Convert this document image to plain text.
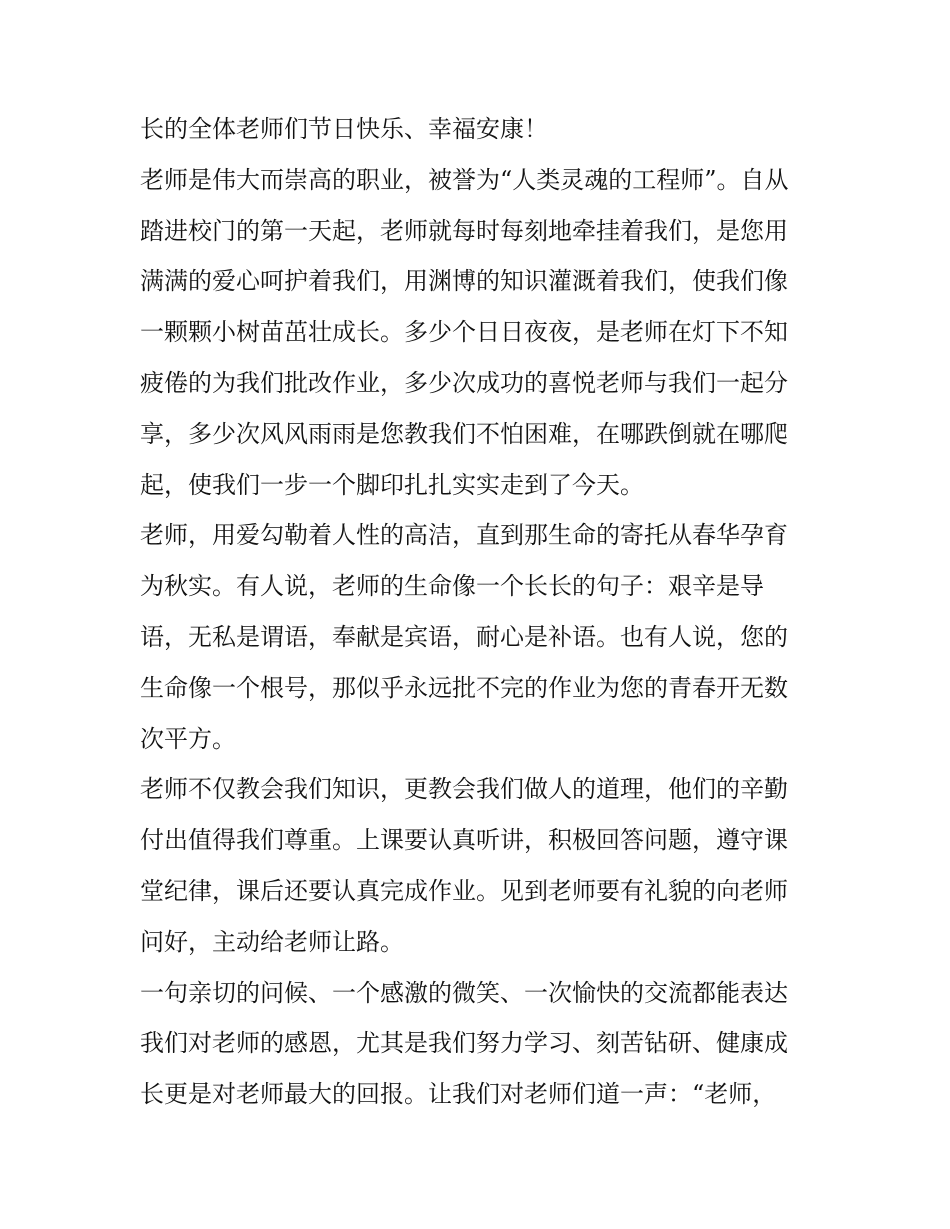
长的全体老师们节日快乐、幸福安康！
老师是伟大而崇高的职业，被誉为“人类灵魂的工程师”。自从
踏进校门的第一天起，老师就每时每刻地牵挂着我们，是您用
满满的爱心呵护着我们，用渊博的知识灌溉着我们，使我们像
一颗颗小树苗茁壮成长。多少个日日夜夜，是老师在灯下不知
疲倦的为我们批改作业，多少次成功的喜悦老师与我们一起分
享，多少次风风雨雨是您教我们不怕困难，在哪跌倒就在哪爬
起，使我们一步一个脚印扎扎实实走到了今天。
老师，用爱勾勒着人性的高洁，直到那生命的寄托从春华孕育
为秋实。有人说，老师的生命像一个长长的句子：艰辛是导
语，无私是谓语，奉献是宾语，耐心是补语。也有人说，您的
生命像一个根号，那似乎永远批不完的作业为您的青春开无数
次平方。
老师不仅教会我们知识，更教会我们做人的道理，他们的辛勤
付出值得我们尊重。上课要认真听讲，积极回答问题，遵守课
堂纪律，课后还要认真完成作业。见到老师要有礼貌的向老师
问好，主动给老师让路。
一句亲切的问候、一个感激的微笑、一次愉快的交流都能表达
我们对老师的感恩，尤其是我们努力学习、刻苦钻研、健康成
长更是对老师最大的回报。让我们对老师们道一声：“老师，
